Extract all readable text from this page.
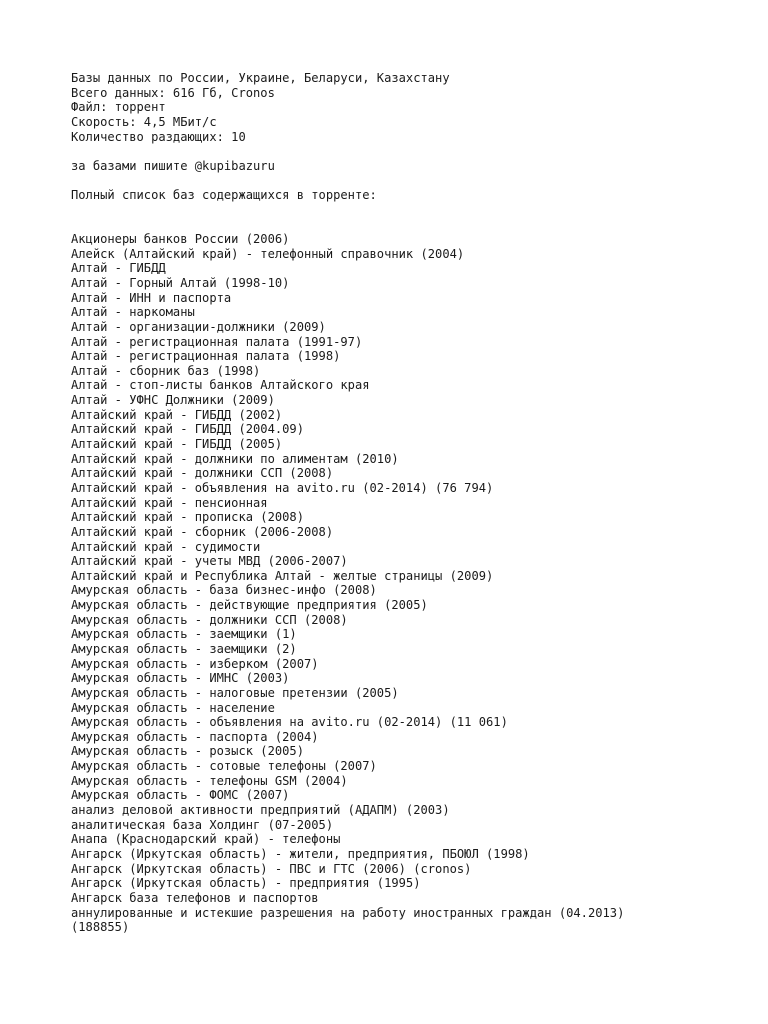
Базы данных по России, Украине, Беларуси, Казахстану
Всего данных: 616 Гб, Cronos
Файл: торрент
Скорость: 4,5 МБит/с
Количество раздающих: 10
за базами пишите @kupibazuru
Полный список баз содержащихся в торренте:
Акционеры банков России (2006)
Алейск (Алтайский край) - телефонный справочник (2004)
Алтай - ГИБДД
Алтай - Горный Алтай (1998-10)
Алтай - ИНН и паспорта
Алтай - наркоманы
Алтай - организации-должники (2009)
Алтай - регистрационная палата (1991-97)
Алтай - регистрационная палата (1998)
Алтай - сборник баз (1998)
Алтай - стоп-листы банков Алтайского края
Алтай - УФНС Должники (2009)
Алтайский край - ГИБДД (2002)
Алтайский край - ГИБДД (2004.09)
Алтайский край - ГИБДД (2005)
Алтайский край - должники по алиментам (2010)
Алтайский край - должники ССП (2008)
Алтайский край - объявления на avito.ru (02-2014) (76 794)
Алтайский край - пенсионная
Алтайский край - прописка (2008)
Алтайский край - сборник (2006-2008)
Алтайский край - судимости
Алтайский край - учеты МВД (2006-2007)
Алтайский край и Республика Алтай - желтые страницы (2009)
Амурская область - база бизнес-инфо (2008)
Амурская область - действующие предприятия (2005)
Амурская область - должники ССП (2008)
Амурская область - заемщики (1)
Амурская область - заемщики (2)
Амурская область - изберком (2007)
Амурская область - ИМНС (2003)
Амурская область - налоговые претензии (2005)
Амурская область - население
Амурская область - объявления на avito.ru (02-2014) (11 061)
Амурская область - паспорта (2004)
Амурская область - розыск (2005)
Амурская область - сотовые телефоны (2007)
Амурская область - телефоны GSM (2004)
Амурская область - ФОМС (2007)
анализ деловой активности предприятий (АДАПМ) (2003)
аналитическая база Холдинг (07-2005)
Анапа (Краснодарский край) - телефоны
Ангарск (Иркутская область) - жители, предприятия, ПБОЮЛ (1998)
Ангарск (Иркутская область) - ПВС и ГТС (2006) (cronos)
Ангарск (Иркутская область) - предприятия (1995)
Ангарск база телефонов и паспортов
аннулированные и истекшие разрешения на работу иностранных граждан (04.2013)
(188855)
